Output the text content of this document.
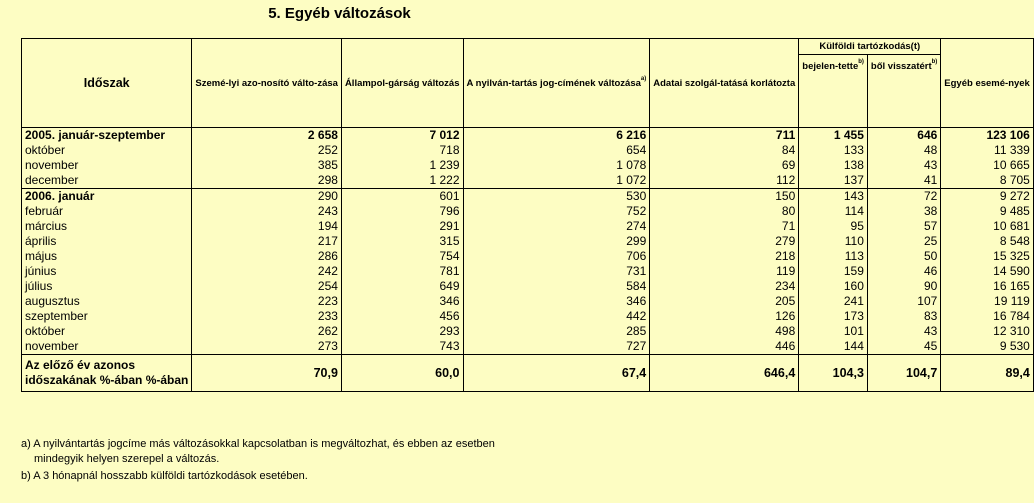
5. Egyéb változások
Időszak	Szemé-lyi azo-nosító válto-zása	Állampol-gárság változás	A nyilván-tartás jog-címének változása$^{a)}$	Adatai szolgál-tatásá korlátozta	Külföldi tartózkodás(t)		Egyéb esemé-nyek
					bejelen-tette$^{b)}$	ből visszatért$^{b)}$
2005. január-szeptember	2 658	7 012	6 216	711	1 455	646	123 106
október	252	718	654	84	133	48	11 339
november	385	1 239	1 078	69	138	43	10 665
december	298	1 222	1 072	112	137	41	8 705
2006. január	290	601	530	150	143	72	9 272
február	243	796	752	80	114	38	9 485
március	194	291	274	71	95	57	10 681
április	217	315	299	279	110	25	8 548
május	286	754	706	218	113	50	15 325
június	242	781	731	119	159	46	14 590
július	254	649	584	234	160	90	16 165
augusztus	223	346	346	205	241	107	19 119
szeptember	233	456	442	126	173	83	16 784
október	262	293	285	498	101	43	12 310
november	273	743	727	446	144	45	9 530

Az előző év azonos
időszakának %-ában %-ában	70,9	60,0	67,4	646,4	104,3	104,7	89,4
a) A nyilvántartás jogcíme más változásokkal kapcsolatban is megváltozhat, és ebben az esetben
mindegyik helyen szerepel a változás.
b) A 3 hónapnál hosszabb külföldi tartózkodások esetében.
